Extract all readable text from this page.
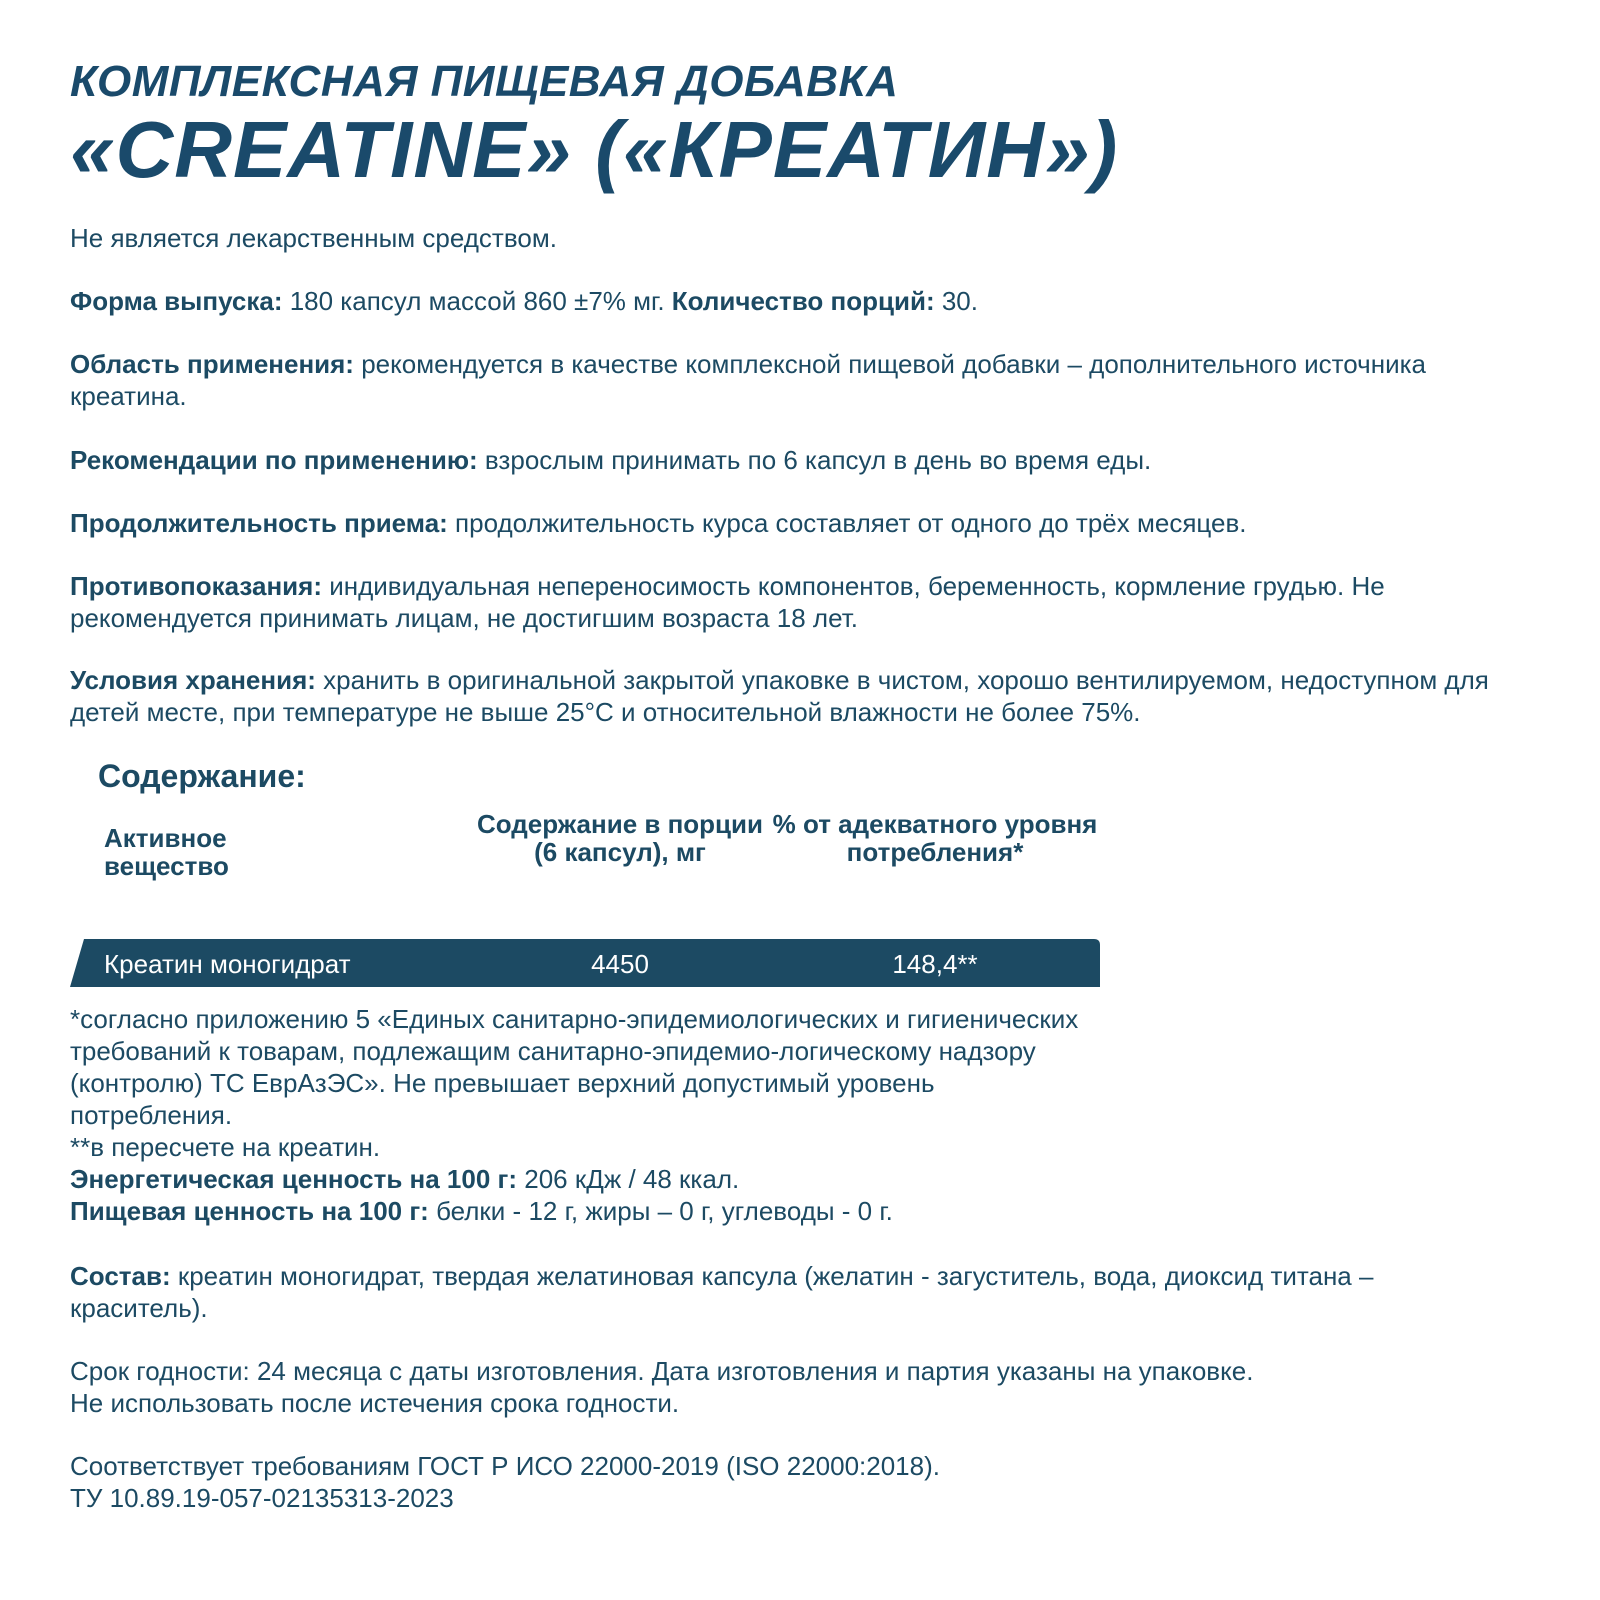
КОМПЛЕКСНАЯ ПИЩЕВАЯ ДОБАВКА
«CREATINE» («КРЕАТИН»)

Не является лекарственным средством.

Форма выпуска: 180 капсул массой 860 ±7% мг. Количество порций: 30.

Область применения: рекомендуется в качестве комплексной пищевой добавки – дополнительного источника креатина.

Рекомендации по применению: взрослым принимать по 6 капсул в день во время еды.

Продолжительность приема: продолжительность курса составляет от одного до трёх месяцев.

Противопоказания: индивидуальная непереносимость компонентов, беременность, кормление грудью. Не рекомендуется принимать лицам, не достигшим возраста 18 лет.

Условия хранения: хранить в оригинальной закрытой упаковке в чистом, хорошо вентилируемом, недоступном для детей месте, при температуре не выше 25°C и относительной влажности не более 75%.

Содержание:
Активное вещество
Содержание в порции (6 капсул), мг
% от адекватного уровня потребления*
Креатин моногидрат	4450	148,4**
*согласно приложению 5 «Единых санитарно-эпидемиологических и гигиенических требований к товарам, подлежащим санитарно-эпидемио-логическому надзору (контролю) ТС ЕврАзЭС». Не превышает верхний допустимый уровень потребления.
**в пересчете на креатин.
Энергетическая ценность на 100 г: 206 кДж / 48 ккал.
Пищевая ценность на 100 г: белки - 12 г, жиры – 0 г, углеводы - 0 г.

Состав: креатин моногидрат, твердая желатиновая капсула (желатин - загуститель, вода, диоксид титана – краситель).

Срок годности: 24 месяца с даты изготовления. Дата изготовления и партия указаны на упаковке.
Не использовать после истечения срока годности.
Соответствует требованиям ГОСТ Р ИСО 22000-2019 (ISO 22000:2018).
ТУ 10.89.19-057-02135313-2023
